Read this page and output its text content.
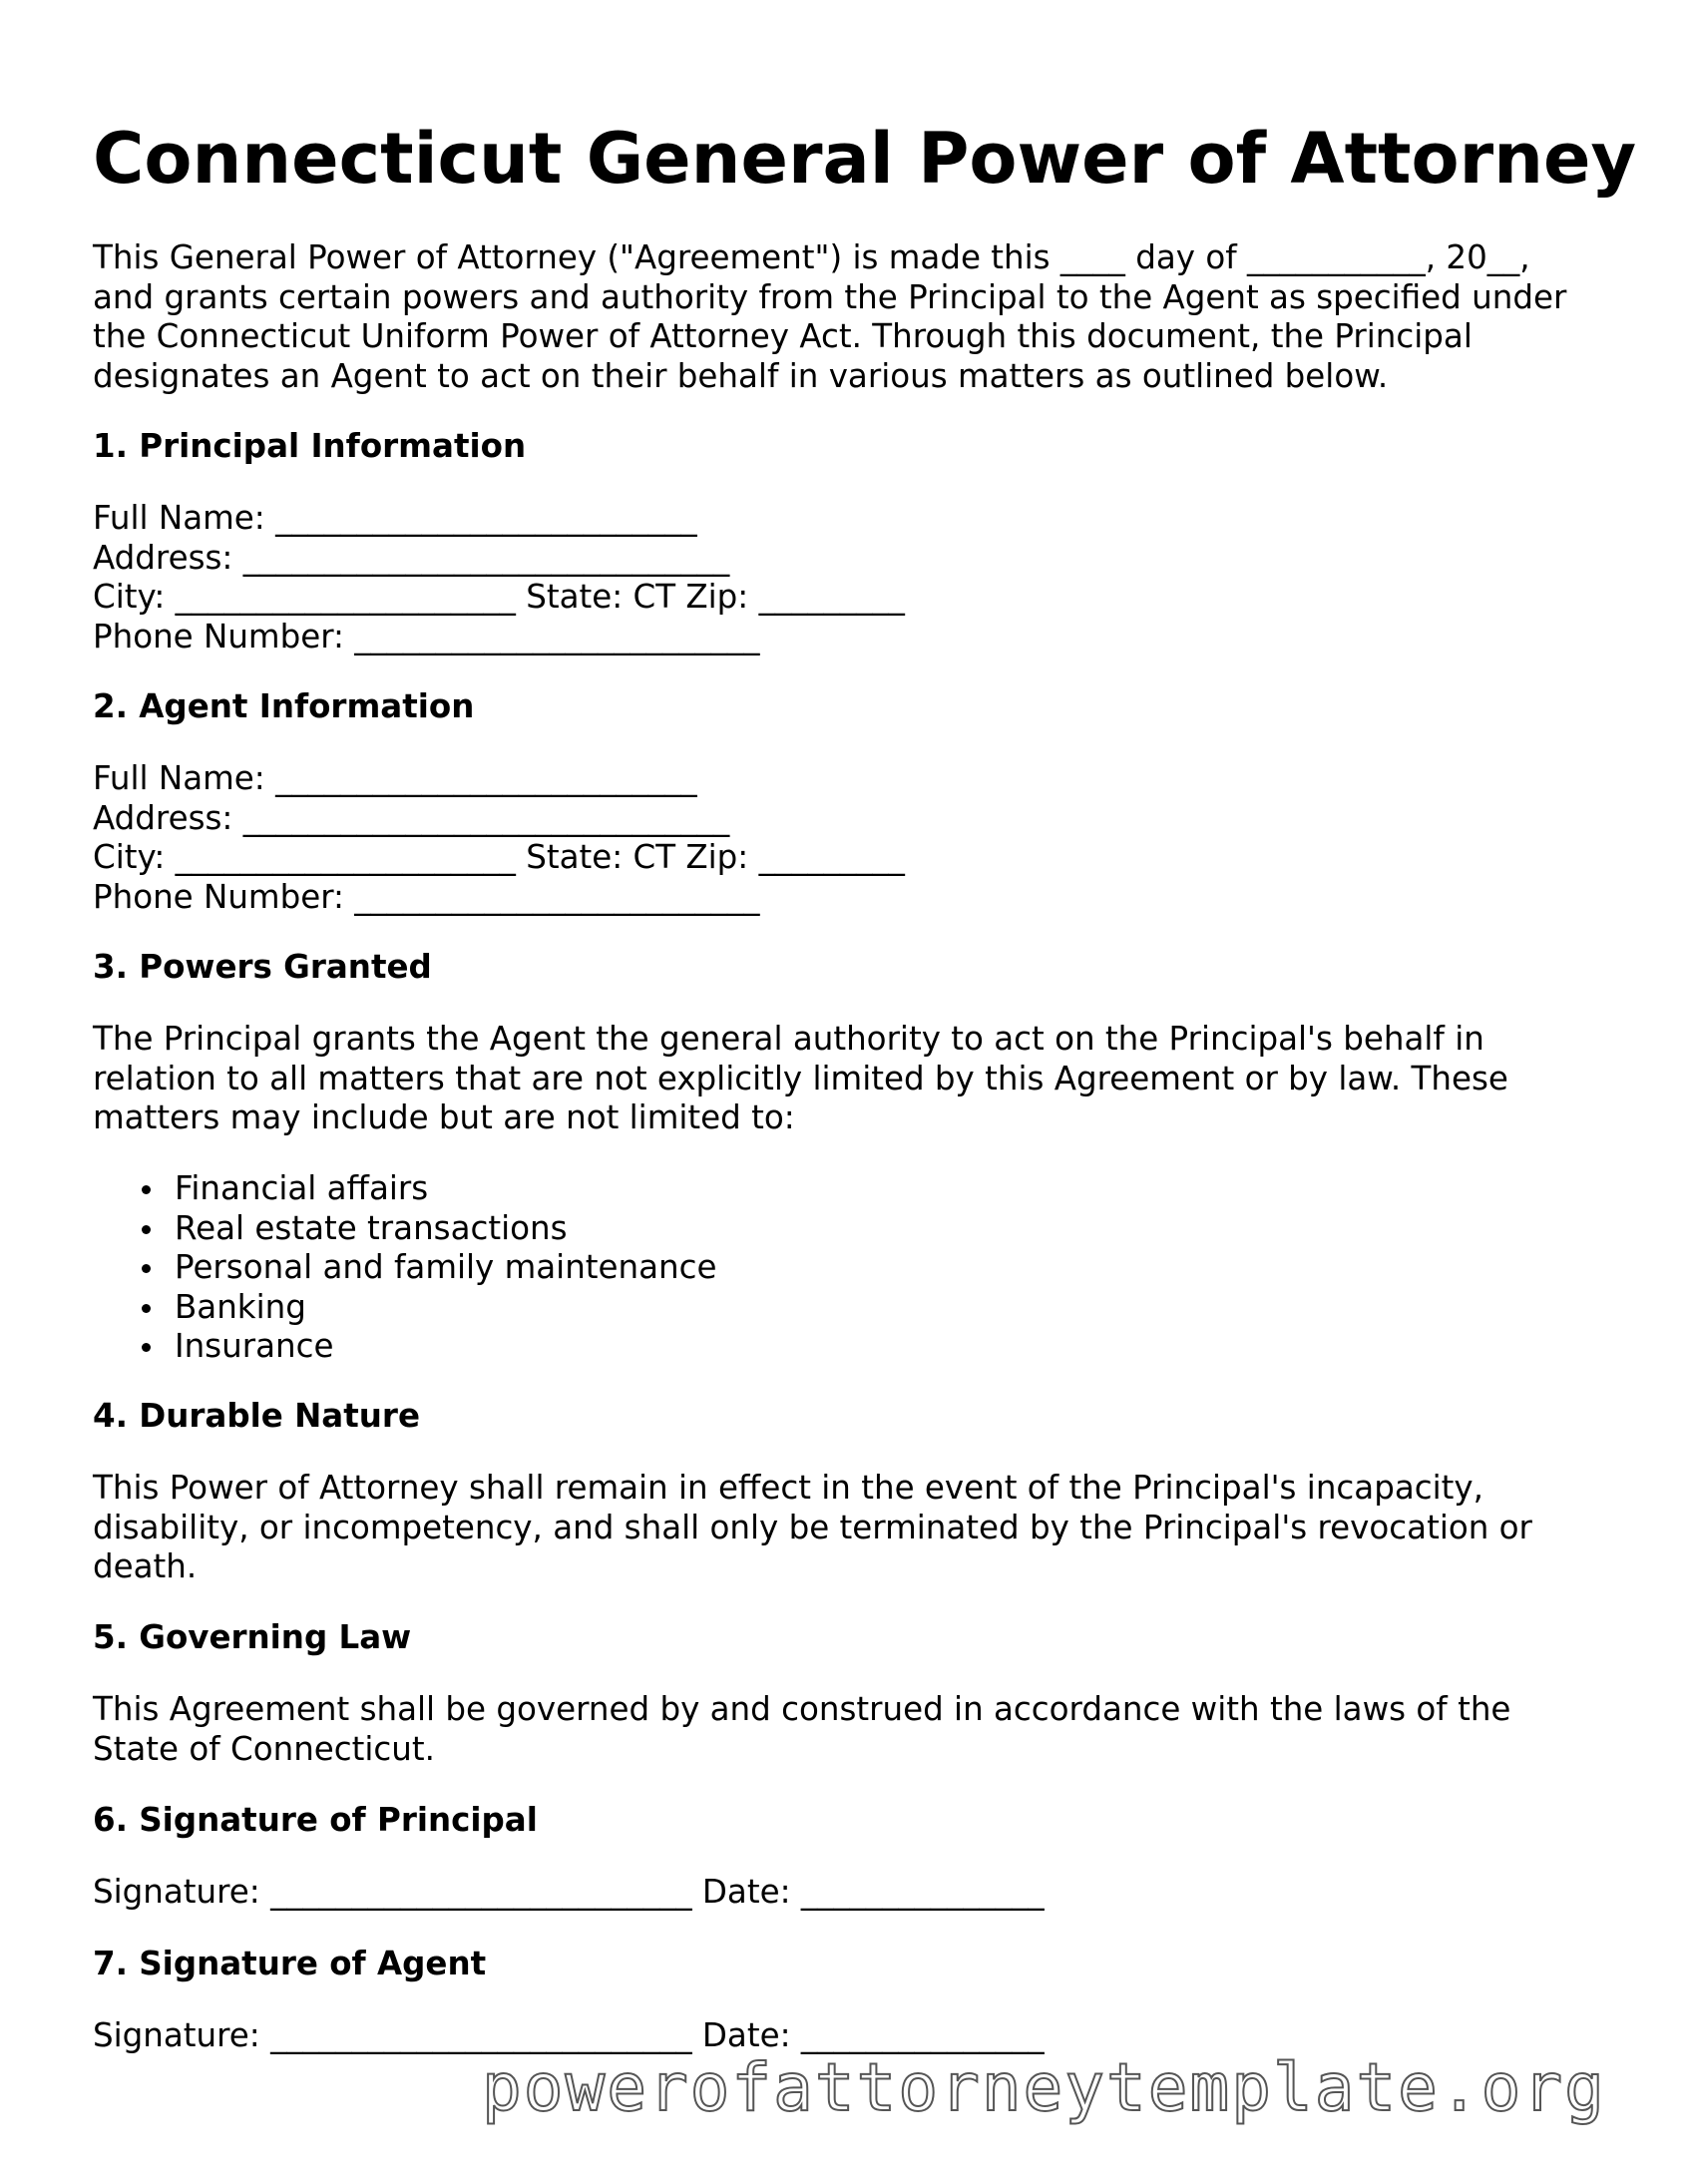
Connecticut General Power of Attorney

This General Power of Attorney ("Agreement") is made this ____ day of ___________, 20__,

and grants certain powers and authority from the Principal to the Agent as specified under

the Connecticut Uniform Power of Attorney Act. Through this document, the Principal

designates an Agent to act on their behalf in various matters as outlined below.

1. Principal Information

Full Name: __________________________

Address: ______________________________

City: _____________________ State: CT Zip: _________

Phone Number: _________________________

2. Agent Information

Full Name: __________________________

Address: ______________________________

City: _____________________ State: CT Zip: _________

Phone Number: _________________________

3. Powers Granted

The Principal grants the Agent the general authority to act on the Principal's behalf in

relation to all matters that are not explicitly limited by this Agreement or by law. These

matters may include but are not limited to:

Financial affairs
Real estate transactions
Personal and family maintenance
Banking
Insurance
4. Durable Nature

This Power of Attorney shall remain in effect in the event of the Principal's incapacity,

disability, or incompetency, and shall only be terminated by the Principal's revocation or

death.

5. Governing Law

This Agreement shall be governed by and construed in accordance with the laws of the

State of Connecticut.

6. Signature of Principal

Signature: __________________________ Date: _______________

7. Signature of Agent

Signature: __________________________ Date: _______________

powerofattorneytemplate.org
